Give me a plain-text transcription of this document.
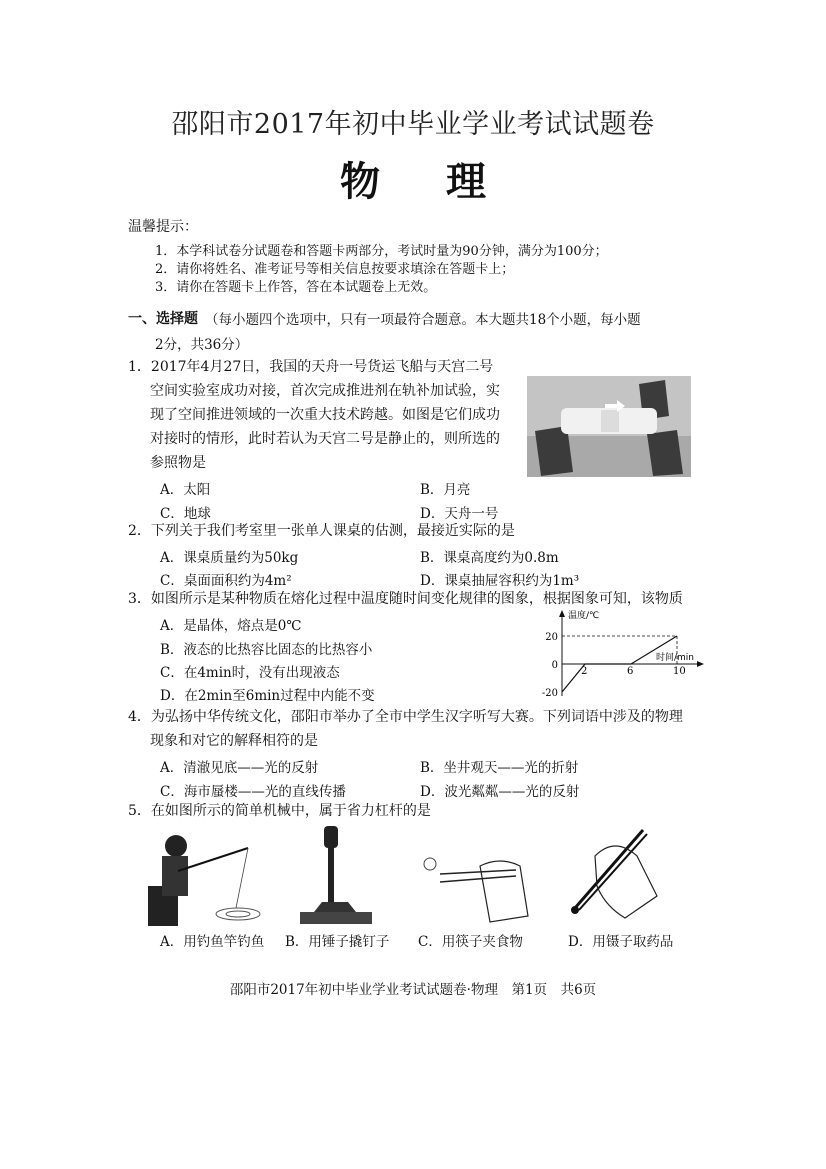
邵阳市2017年初中毕业学业考试试题卷
物 理
温馨提示：
1．本学科试卷分试题卷和答题卡两部分，考试时量为90分钟，满分为100分；
2．请你将姓名、准考证号等相关信息按要求填涂在答题卡上；
3．请你在答题卡上作答，答在本试题卷上无效。
一、选择题 （每小题四个选项中，只有一项最符合题意。本大题共18个小题，每小题
2分，共36分）
1．2017年4月27日，我国的天舟一号货运飞船与天宫二号
空间实验室成功对接，首次完成推进剂在轨补加试验，实
现了空间推进领域的一次重大技术跨越。如图是它们成功
对接时的情形，此时若认为天宫二号是静止的，则所选的
参照物是
A．太阳	B．月亮
C．地球	D．天舟一号
2．下列关于我们考室里一张单人课桌的估测，最接近实际的是
A．课桌质量约为50kg	B．课桌高度约为0.8m
C．桌面面积约为4m²	D．课桌抽屉容积约为1m³
3．如图所示是某种物质在熔化过程中温度随时间变化规律的图象，根据图象可知，该物质
A．是晶体，熔点是0℃
B．液态的比热容比固态的比热容小
C．在4min时，没有出现液态
D．在2min至6min过程中内能不变
温度/℃
时间/min
2	6	10
20
0
-20
4．为弘扬中华传统文化，邵阳市举办了全市中学生汉字听写大赛。下列词语中涉及的物理
现象和对它的解释相符的是
A．清澈见底——光的反射	B．坐井观天——光的折射
C．海市蜃楼——光的直线传播	D．波光粼粼——光的反射
5．在如图所示的简单机械中，属于省力杠杆的是
A．用钓鱼竿钓鱼 B．用锤子撬钉子 C．用筷子夹食物	D．用镊子取药品
邵阳市2017年初中毕业学业考试试题卷·物理　第1页　共6页
